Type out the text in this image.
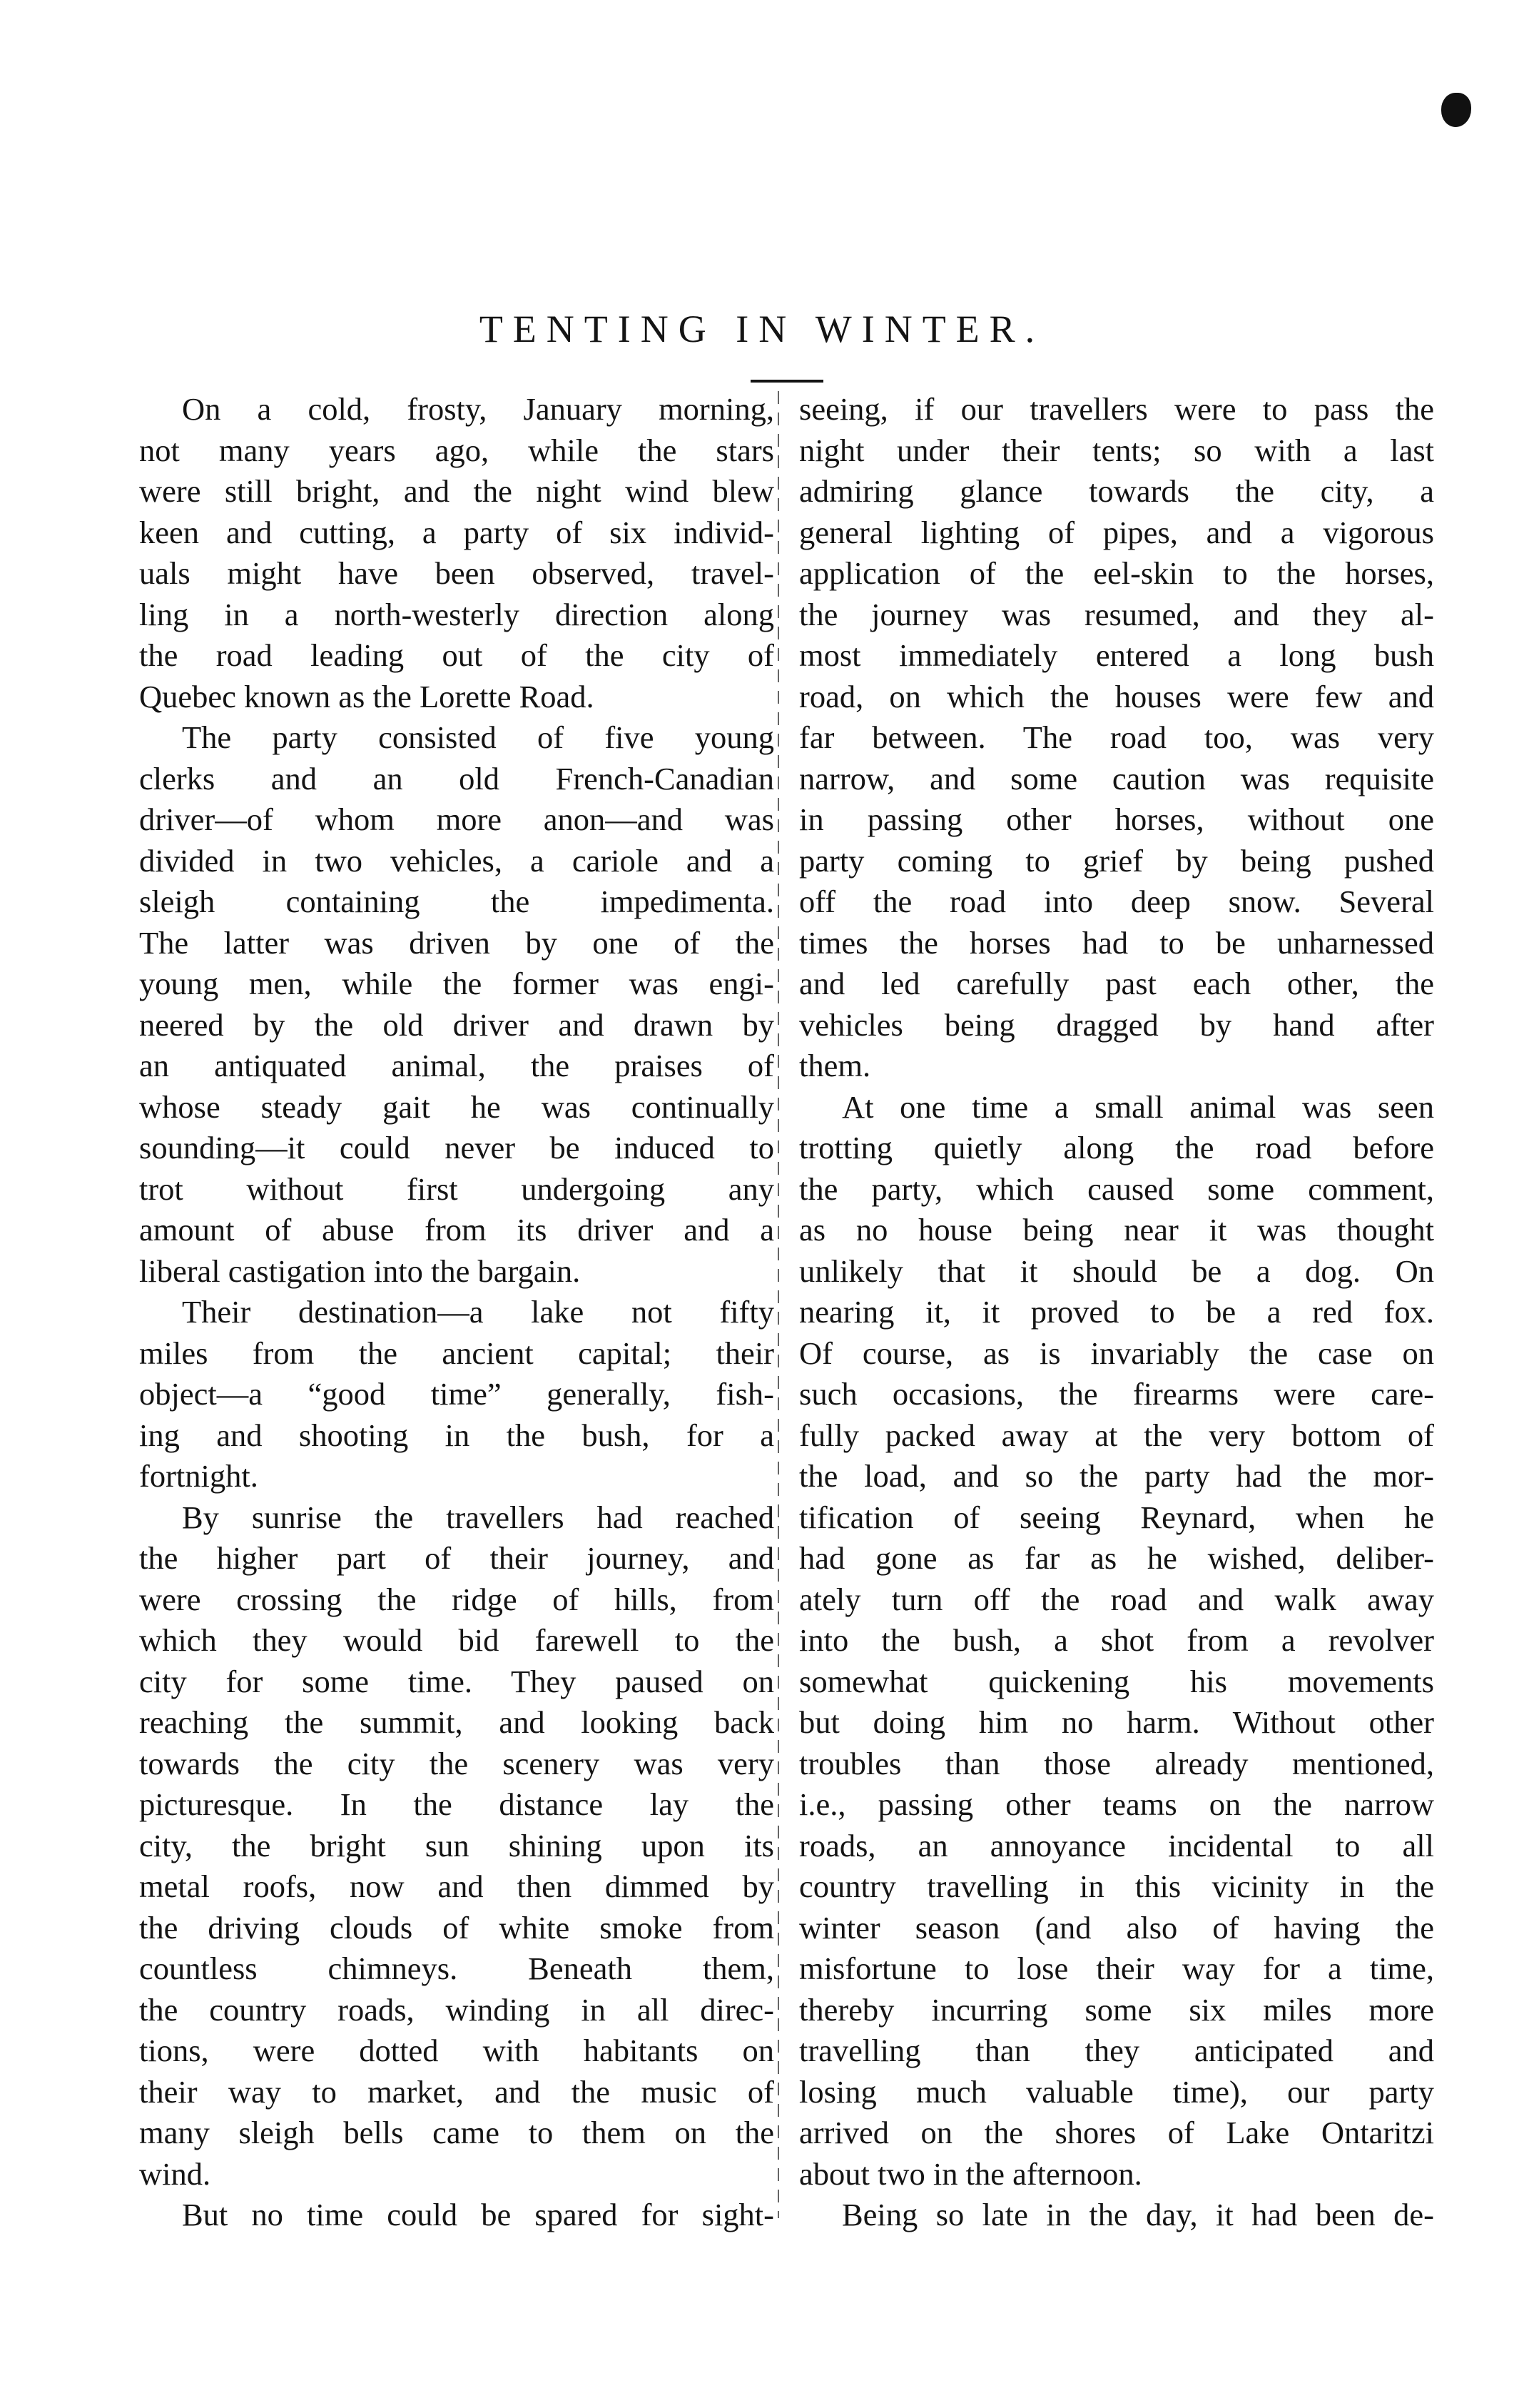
TENTING IN WINTER.
On a cold, frosty, January morning,
not many years ago, while the stars
were still bright, and the night wind blew
keen and cutting, a party of six individ-
uals might have been observed, travel-
ling in a north-westerly direction along
the road leading out of the city of
Quebec known as the Lorette Road.
The party consisted of five young
clerks and an old French-Canadian
driver—of whom more anon—and was
divided in two vehicles, a cariole and a
sleigh containing the impedimenta.
The latter was driven by one of the
young men, while the former was engi-
neered by the old driver and drawn by
an antiquated animal, the praises of
whose steady gait he was continually
sounding—it could never be induced to
trot without first undergoing any
amount of abuse from its driver and a
liberal castigation into the bargain.
Their destination—a lake not fifty
miles from the ancient capital; their
object—a “good time” generally, fish-
ing and shooting in the bush, for a
fortnight.
By sunrise the travellers had reached
the higher part of their journey, and
were crossing the ridge of hills, from
which they would bid farewell to the
city for some time. They paused on
reaching the summit, and looking back
towards the city the scenery was very
picturesque. In the distance lay the
city, the bright sun shining upon its
metal roofs, now and then dimmed by
the driving clouds of white smoke from
countless chimneys. Beneath them,
the country roads, winding in all direc-
tions, were dotted with habitants on
their way to market, and the music of
many sleigh bells came to them on the
wind.
But no time could be spared for sight-
seeing, if our travellers were to pass the
night under their tents; so with a last
admiring glance towards the city, a
general lighting of pipes, and a vigorous
application of the eel-skin to the horses,
the journey was resumed, and they al-
most immediately entered a long bush
road, on which the houses were few and
far between. The road too, was very
narrow, and some caution was requisite
in passing other horses, without one
party coming to grief by being pushed
off the road into deep snow. Several
times the horses had to be unharnessed
and led carefully past each other, the
vehicles being dragged by hand after
them.
At one time a small animal was seen
trotting quietly along the road before
the party, which caused some comment,
as no house being near it was thought
unlikely that it should be a dog. On
nearing it, it proved to be a red fox.
Of course, as is invariably the case on
such occasions, the firearms were care-
fully packed away at the very bottom of
the load, and so the party had the mor-
tification of seeing Reynard, when he
had gone as far as he wished, deliber-
ately turn off the road and walk away
into the bush, a shot from a revolver
somewhat quickening his movements
but doing him no harm. Without other
troubles than those already mentioned,
i.e., passing other teams on the narrow
roads, an annoyance incidental to all
country travelling in this vicinity in the
winter season (and also of having the
misfortune to lose their way for a time,
thereby incurring some six miles more
travelling than they anticipated and
losing much valuable time), our party
arrived on the shores of Lake Ontaritzi
about two in the afternoon.
Being so late in the day, it had been de-
